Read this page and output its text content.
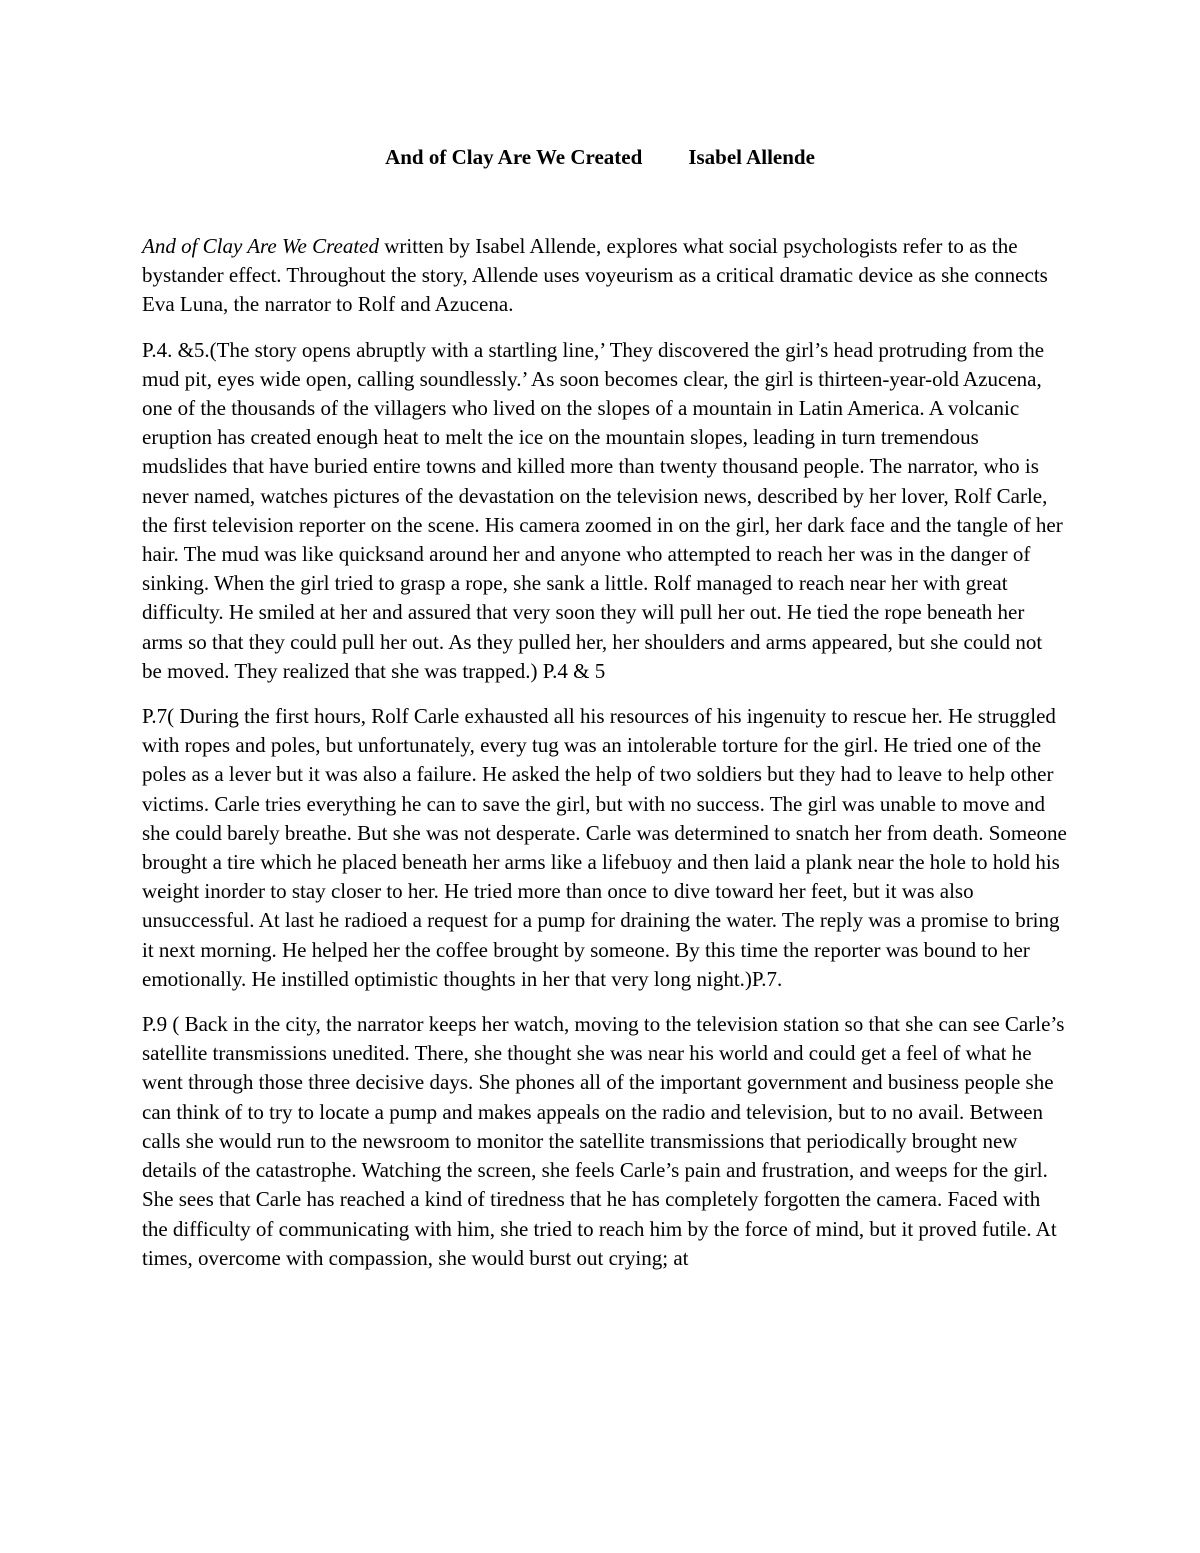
And of Clay Are We Created Isabel Allende

And of Clay Are We Created written by Isabel Allende, explores what social psychologists refer to as the bystander effect. Throughout the story, Allende uses voyeurism as a critical dramatic device as she connects Eva Luna, the narrator to Rolf and Azucena.

P.4. &5.(The story opens abruptly with a startling line,’ They discovered the girl’s head protruding from the mud pit, eyes wide open, calling soundlessly.’ As soon becomes clear, the girl is thirteen-year-old Azucena, one of the thousands of the villagers who lived on the slopes of a mountain in Latin America. A volcanic eruption has created enough heat to melt the ice on the mountain slopes, leading in turn tremendous mudslides that have buried entire towns and killed more than twenty thousand people. The narrator, who is never named, watches pictures of the devastation on the television news, described by her lover, Rolf Carle, the first television reporter on the scene. His camera zoomed in on the girl, her dark face and the tangle of her hair. The mud was like quicksand around her and anyone who attempted to reach her was in the danger of sinking. When the girl tried to grasp a rope, she sank a little. Rolf managed to reach near her with great difficulty. He smiled at her and assured that very soon they will pull her out. He tied the rope beneath her arms so that they could pull her out. As they pulled her, her shoulders and arms appeared, but she could not be moved. They realized that she was trapped.) P.4 & 5

P.7( During the first hours, Rolf Carle exhausted all his resources of his ingenuity to rescue her. He struggled with ropes and poles, but unfortunately, every tug was an intolerable torture for the girl. He tried one of the poles as a lever but it was also a failure. He asked the help of two soldiers but they had to leave to help other victims. Carle tries everything he can to save the girl, but with no success. The girl was unable to move and she could barely breathe. But she was not desperate. Carle was determined to snatch her from death. Someone brought a tire which he placed beneath her arms like a lifebuoy and then laid a plank near the hole to hold his weight inorder to stay closer to her. He tried more than once to dive toward her feet, but it was also unsuccessful. At last he radioed a request for a pump for draining the water. The reply was a promise to bring it next morning. He helped her the coffee brought by someone. By this time the reporter was bound to her emotionally. He instilled optimistic thoughts in her that very long night.)P.7.

P.9 ( Back in the city, the narrator keeps her watch, moving to the television station so that she can see Carle’s satellite transmissions unedited. There, she thought she was near his world and could get a feel of what he went through those three decisive days. She phones all of the important government and business people she can think of to try to locate a pump and makes appeals on the radio and television, but to no avail. Between calls she would run to the newsroom to monitor the satellite transmissions that periodically brought new details of the catastrophe. Watching the screen, she feels Carle’s pain and frustration, and weeps for the girl. She sees that Carle has reached a kind of tiredness that he has completely forgotten the camera. Faced with the difficulty of communicating with him, she tried to reach him by the force of mind, but it proved futile. At times, overcome with compassion, she would burst out crying; at
